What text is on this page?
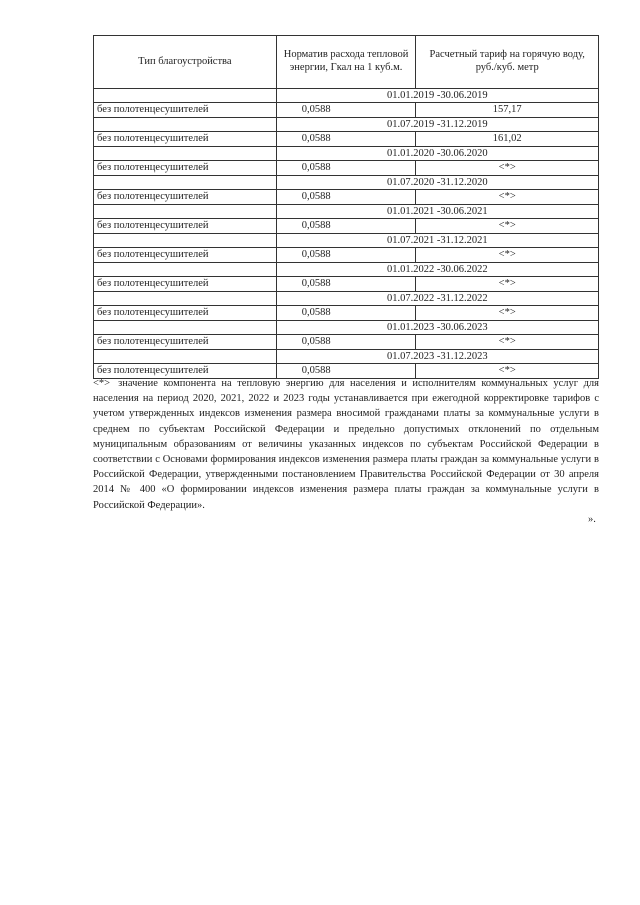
Тип благоустройства	Норматив расхода тепловой энергии, Гкал на 1 куб.м.	Расчетный тариф на горячую воду, руб./куб. метр
	01.01.2019 -30.06.2019	
без полотенцесушителей	0,0588	157,17
	01.07.2019 -31.12.2019	
без полотенцесушителей	0,0588	161,02
	01.01.2020 -30.06.2020	
без полотенцесушителей	0,0588	<*>
	01.07.2020 -31.12.2020	
без полотенцесушителей	0,0588	<*>
	01.01.2021 -30.06.2021	
без полотенцесушителей	0,0588	<*>
	01.07.2021 -31.12.2021	
без полотенцесушителей	0,0588	<*>
	01.01.2022 -30.06.2022	
без полотенцесушителей	0,0588	<*>
	01.07.2022 -31.12.2022	
без полотенцесушителей	0,0588	<*>
	01.01.2023 -30.06.2023	
без полотенцесушителей	0,0588	<*>
	01.07.2023 -31.12.2023	
без полотенцесушителей	0,0588	<*>

<*> значение компонента на тепловую энергию для населения и исполнителям коммунальных услуг для населения на период 2020, 2021, 2022 и 2023 годы устанавливается при ежегодной корректировке тарифов с учетом утвержденных индексов изменения размера вносимой гражданами платы за коммунальные услуги в среднем по субъектам Российской Федерации и предельно допустимых отклонений по отдельным муниципальным образованиям от величины указанных индексов по субъектам Российской Федерации в соответствии с Основами формирования индексов изменения размера платы граждан за коммунальные услуги в Российской Федерации, утвержденными постановлением Правительства Российской Федерации от 30 апреля 2014 № 400 «О формировании индексов изменения размера платы граждан за коммунальные услуги в Российской Федерации».

».
